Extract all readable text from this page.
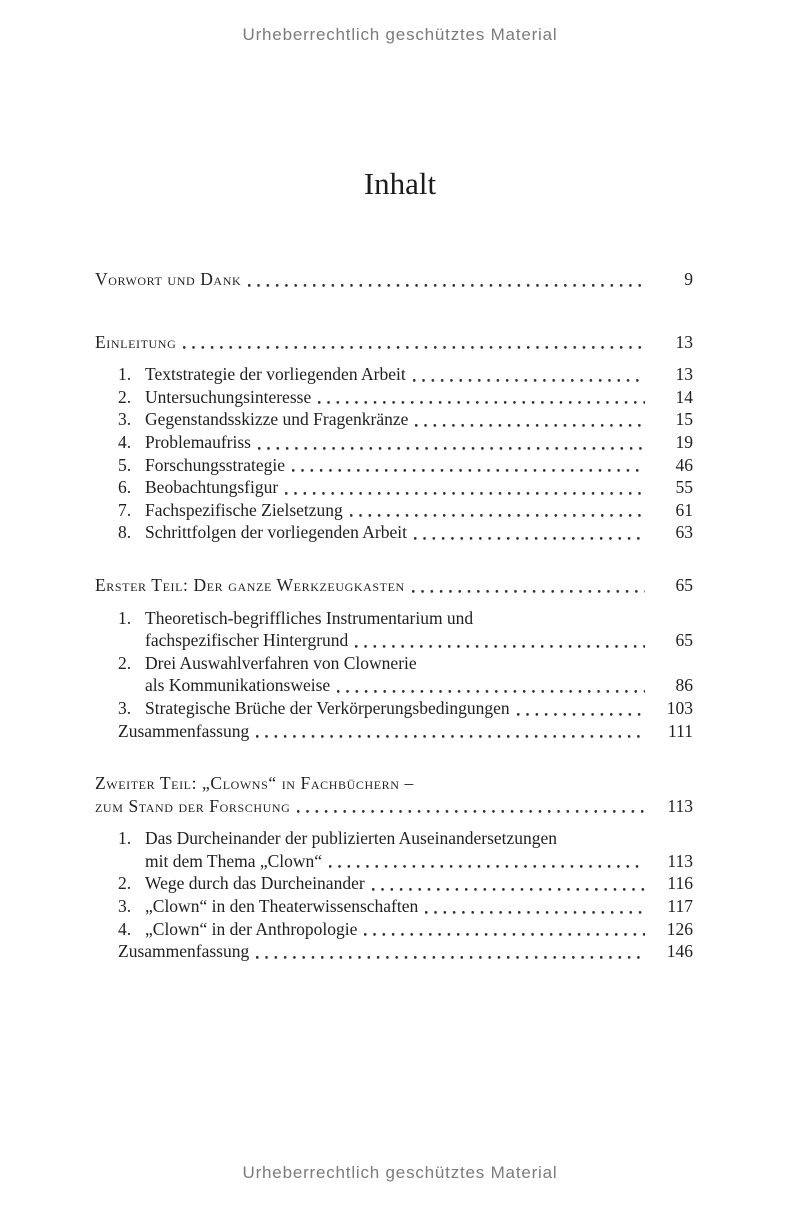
Urheberrechtlich geschütztes Material
Inhalt
Vorwort und Dank	9
Einleitung	13
1. Textstrategie der vorliegenden Arbeit	13
2. Untersuchungsinteresse	14
3. Gegenstandsskizze und Fragenkränze	15
4. Problemaufriss	19
5. Forschungsstrategie	46
6. Beobachtungsfigur	55
7. Fachspezifische Zielsetzung	61
8. Schrittfolgen der vorliegenden Arbeit	63
Erster Teil: Der ganze Werkzeugkasten	65
1. Theoretisch-begriffliches Instrumentarium und
fachspezifischer Hintergrund	65
2. Drei Auswahlverfahren von Clownerie
als Kommunikationsweise	86
3. Strategische Brüche der Verkörperungsbedingungen	103
Zusammenfassung	111
Zweiter Teil: „Clowns“ in Fachbüchern –
zum Stand der Forschung	113
1. Das Durcheinander der publizierten Auseinandersetzungen
mit dem Thema „Clown“	113
2. Wege durch das Durcheinander	116
3. „Clown“ in den Theaterwissenschaften	117
4. „Clown“ in der Anthropologie	126
Zusammenfassung	146
Urheberrechtlich geschütztes Material
